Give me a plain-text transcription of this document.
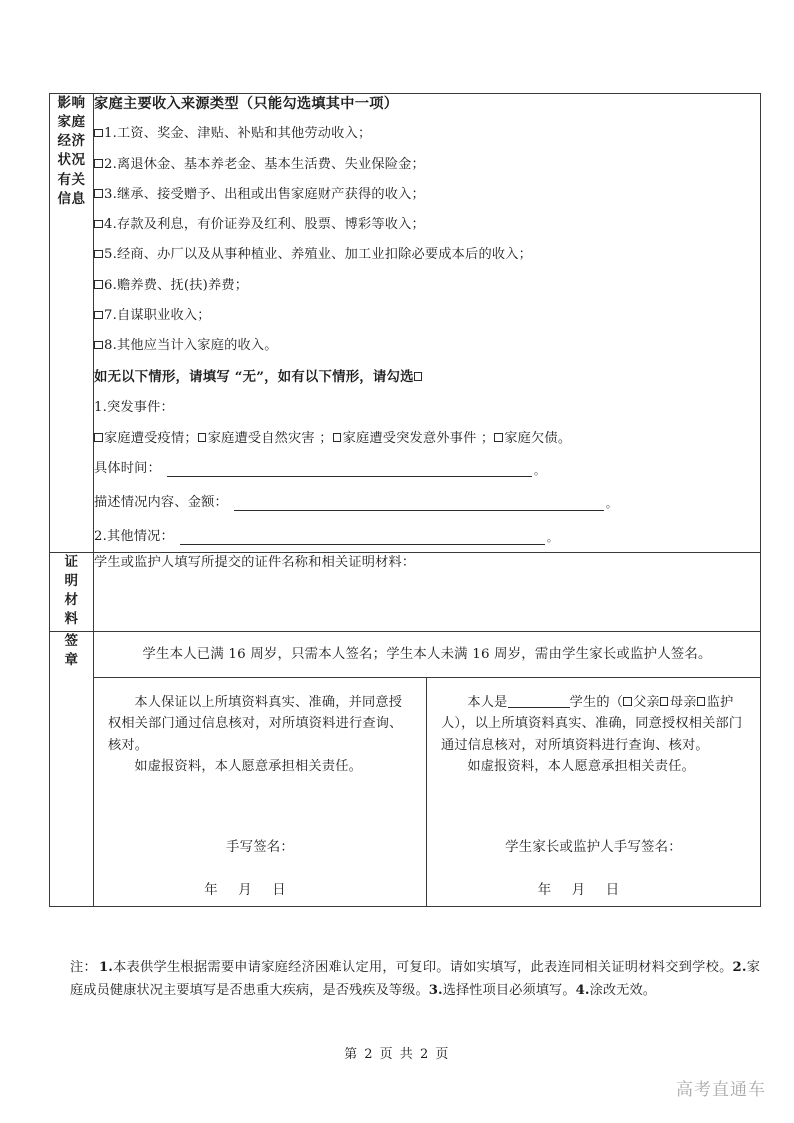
影响
家庭
经济
状况
有关
信息

家庭主要收入来源类型（只能勾选填其中一项）
1.工资、奖金、津贴、补贴和其他劳动收入；
2.离退休金、基本养老金、基本生活费、失业保险金；
3.继承、接受赠予、出租或出售家庭财产获得的收入；
4.存款及利息，有价证券及红利、股票、博彩等收入；
5.经商、办厂以及从事种植业、养殖业、加工业扣除必要成本后的收入；
6.赡养费、抚(扶)养费；
7.自谋职业收入；
8.其他应当计入家庭的收入。
如无以下情形，请填写 “无”，如有以下情形，请勾选
1.突发事件：
家庭遭受疫情； 家庭遭受自然灾害 ； 家庭遭受突发意外事件 ； 家庭欠债。
具体时间：	。
描述情况内容、金额：	。
2.其他情况：	。

证
明
材
料	学生或监护人填写所提交的证件名称和相关证明材料：

签
章	学生本人已满 16 周岁，只需本人签名；学生本人未满 16 周岁，需由学生家长或监护人签名。

本人保证以上所填资料真实、准确，并同意授权相关部门通过信息核对，对所填资料进行查询、核对。

如虚报资料，本人愿意承担相关责任。

手写签名：
年 月 日

本人是	学生的（ 父亲 母亲 监护人），以上所填资料真实、准确，同意授权相关部门通过信息核对，对所填资料进行查询、核对。

如虚报资料，本人愿意承担相关责任。

学生家长或监护人手写签名：
年 月 日
注： 1.本表供学生根据需要申请家庭经济困难认定用，可复印。请如实填写，此表连同相关证明材料交到学校。2.家庭成员健康状况主要填写是否患重大疾病，是否残疾及等级。3.选择性项目必须填写。4.涂改无效。
第 2 页 共 2 页
高考直通车
